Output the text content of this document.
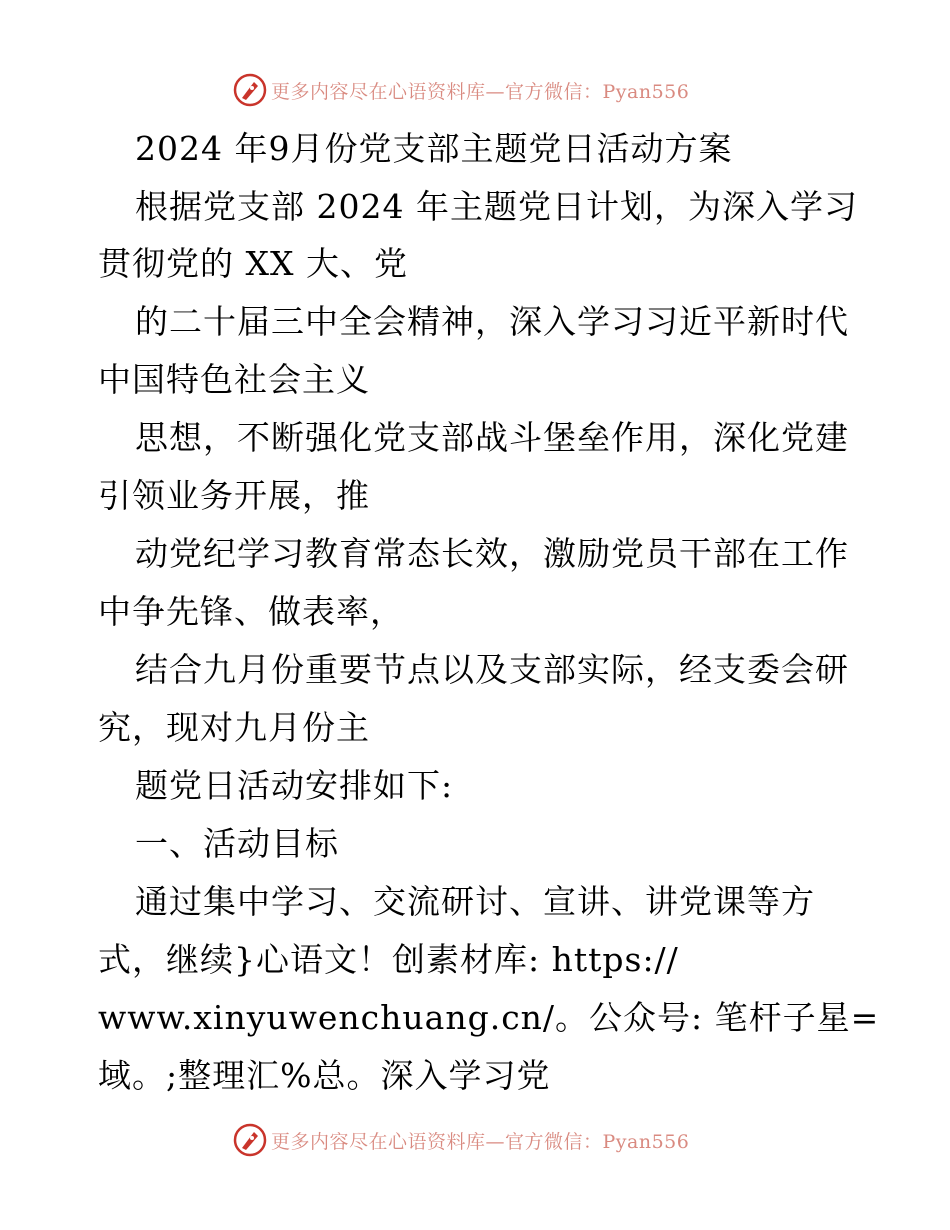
更多内容尽在心语资料库—官方微信：Pyan556
2024 年9月份党支部主题党日活动方案
根据党支部 2024 年主题党日计划，为深入学习
贯彻党的 XX 大、党
的二十届三中全会精神，深入学习习近平新时代
中国特色社会主义
思想，不断强化党支部战斗堡垒作用，深化党建
引领业务开展，推
动党纪学习教育常态长效，激励党员干部在工作
中争先锋、做表率，
结合九月份重要节点以及支部实际，经支委会研
究，现对九月份主
题党日活动安排如下:
一、活动目标
通过集中学习、交流研讨、宣讲、讲党课等方
式，继续}心语文！创素材库: https://
www.xinyuwenchuang.cn/。公众号: 笔杆子星=
域。;整理汇%总。深入学习党
更多内容尽在心语资料库—官方微信：Pyan556
